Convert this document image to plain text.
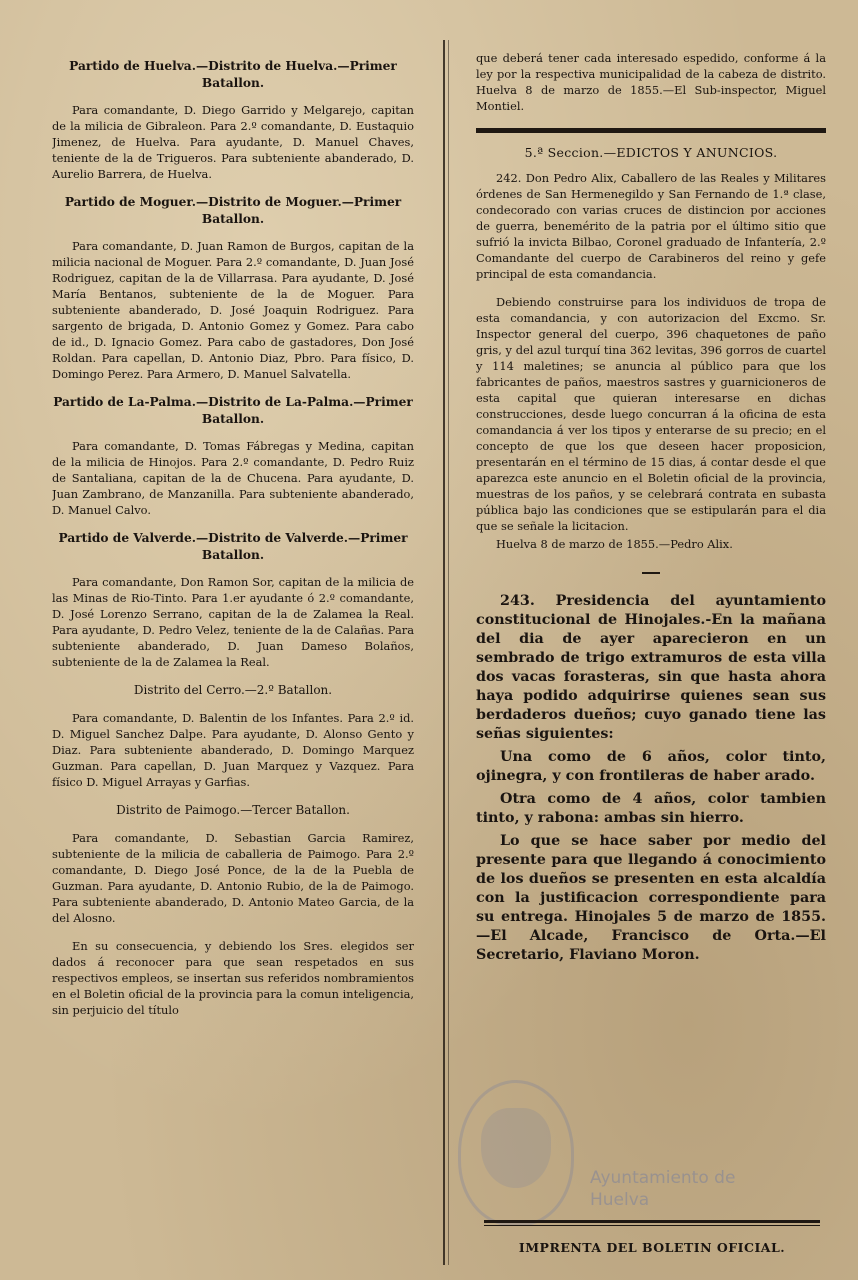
Partido de Huelva.—Distrito de Huelva.—Primer Batallon.

Para comandante, D. Diego Garrido y Melgarejo, capitan de la milicia de Gibraleon. Para 2.º comandante, D. Eustaquio Jimenez, de Huelva. Para ayudante, D. Manuel Chaves, teniente de la de Trigueros. Para subteniente abanderado, D. Aurelio Barrera, de Huelva.

Partido de Moguer.—Distrito de Moguer.—Primer Batallon.

Para comandante, D. Juan Ramon de Burgos, capitan de la milicia nacional de Moguer. Para 2.º comandante, D. Juan José Rodriguez, capitan de la de Villarrasa. Para ayudante, D. José María Bentanos, subteniente de la de Moguer. Para subteniente abanderado, D. José Joaquin Rodriguez. Para sargento de brigada, D. Antonio Gomez y Gomez. Para cabo de id., D. Ignacio Gomez. Para cabo de gastadores, Don José Roldan. Para capellan, D. Antonio Diaz, Pbro. Para físico, D. Domingo Perez. Para Armero, D. Manuel Salvatella.

Partido de La-Palma.—Distrito de La-Palma.—Primer Batallon.

Para comandante, D. Tomas Fábregas y Medina, capitan de la milicia de Hinojos. Para 2.º comandante, D. Pedro Ruiz de Santaliana, capitan de la de Chucena. Para ayudante, D. Juan Zambrano, de Manzanilla. Para subteniente abanderado, D. Manuel Calvo.

Partido de Valverde.—Distrito de Valverde.—Primer Batallon.

Para comandante, Don Ramon Sor, capitan de la milicia de las Minas de Rio-Tinto. Para 1.er ayudante ó 2.º comandante, D. José Lorenzo Serrano, capitan de la de Zalamea la Real. Para ayudante, D. Pedro Velez, teniente de la de Calañas. Para subteniente abanderado, D. Juan Dameso Bolaños, subteniente de la de Zalamea la Real.

Distrito del Cerro.—2.º Batallon.

Para comandante, D. Balentin de los Infantes. Para 2.º id. D. Miguel Sanchez Dalpe. Para ayudante, D. Alonso Gento y Diaz. Para subteniente abanderado, D. Domingo Marquez Guzman. Para capellan, D. Juan Marquez y Vazquez. Para físico D. Miguel Arrayas y Garfias.

Distrito de Paimogo.—Tercer Batallon.

Para comandante, D. Sebastian Garcia Ramirez, subteniente de la milicia de caballeria de Paimogo. Para 2.º comandante, D. Diego José Ponce, de la de la Puebla de Guzman. Para ayudante, D. Antonio Rubio, de la de Paimogo. Para subteniente abanderado, D. Antonio Mateo Garcia, de la del Alosno.

En su consecuencia, y debiendo los Sres. elegidos ser dados á reconocer para que sean respetados en sus respectivos empleos, se insertan sus referidos nombramientos en el Boletin oficial de la provincia para la comun inteligencia, sin perjuicio del título

que deberá tener cada interesado espedido, conforme á la ley por la respectiva municipalidad de la cabeza de distrito. Huelva 8 de marzo de 1855.—El Sub-inspector, Miguel Montiel.

5.ª Seccion.—EDICTOS Y ANUNCIOS.

242. Don Pedro Alix, Caballero de las Reales y Militares órdenes de San Hermenegildo y San Fernando de 1.ª clase, condecorado con varias cruces de distincion por acciones de guerra, benemérito de la patria por el último sitio que sufrió la invicta Bilbao, Coronel graduado de Infantería, 2.º Comandante del cuerpo de Carabineros del reino y gefe principal de esta comandancia.

Debiendo construirse para los individuos de tropa de esta comandancia, y con autorizacion del Excmo. Sr. Inspector general del cuerpo, 396 chaquetones de paño gris, y del azul turquí tina 362 levitas, 396 gorros de cuartel y 114 maletines; se anuncia al público para que los fabricantes de paños, maestros sastres y guarnicioneros de esta capital que quieran interesarse en dichas construcciones, desde luego concurran á la oficina de esta comandancia á ver los tipos y enterarse de su precio; en el concepto de que los que deseen hacer proposicion, presentarán en el término de 15 dias, á contar desde el que aparezca este anuncio en el Boletin oficial de la provincia, muestras de los paños, y se celebrará contrata en subasta pública bajo las condiciones que se estipularán para el dia que se señale la licitacion.

Huelva 8 de marzo de 1855.—Pedro Alix.

243. Presidencia del ayuntamiento constitucional de Hinojales.-En la mañana del dia de ayer aparecieron en un sembrado de trigo extramuros de esta villa dos vacas forasteras, sin que hasta ahora haya podido adquirirse quienes sean sus berdaderos dueños; cuyo ganado tiene las señas siguientes:

Una como de 6 años, color tinto, ojinegra, y con frontileras de haber arado.

Otra como de 4 años, color tambien tinto, y rabona: ambas sin hierro.

Lo que se hace saber por medio del presente para que llegando á conocimiento de los dueños se presenten en esta alcaldía con la justificacion correspondiente para su entrega. Hinojales 5 de marzo de 1855. —El Alcade, Francisco de Orta.—El Secretario, Flaviano Moron.

Ayuntamiento de
Huelva
IMPRENTA DEL BOLETIN OFICIAL.
